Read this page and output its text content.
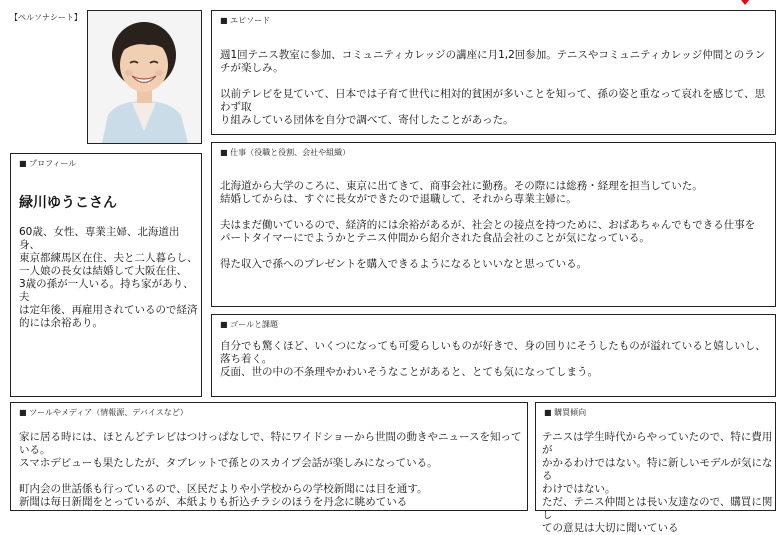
【ペルソナシート】	■ エピソード

週1回テニス教室に参加、コミュニティカレッジの講座に月1,2回参加。テニスやコミュニティカレッジ仲間とのランチが楽しみ。

以前テレビを見ていて、日本では子育て世代に相対的貧困が多いことを知って、孫の姿と重なって哀れを感じて、思わず取
り組みしている団体を自分で調べて、寄付したことがあった。

■ プロフィール
緑川ゆうこさん
60歳、女性、専業主婦、北海道出身、
東京都練馬区在住、夫と二人暮らし、
一人娘の長女は結婚して大阪在住、
3歳の孫が一人いる。持ち家があり、夫
は定年後、再雇用されているので経済
的には余裕あり。
■ 仕事（役職と役割、会社や組織）

北海道から大学のころに、東京に出てきて、商事会社に勤務。その際には総務・経理を担当していた。
結婚してからは、すぐに長女ができたので退職して、それから専業主婦に。

夫はまだ働いているので、経済的には余裕があるが、社会との接点を持つために、おばあちゃんでもできる仕事を
パートタイマーにでようかとテニス仲間から紹介された食品会社のことが気になっている。

得た収入で孫へのプレゼントを購入できるようになるといいなと思っている。

■ ゴールと課題

自分でも驚くほど、いくつになっても可愛らしいものが好きで、身の回りにそうしたものが溢れていると嬉しいし、落ち着く。
反面、世の中の不条理やかわいそうなことがあると、とても気になってしまう。

■ ツールやメディア（情報源、デバイスなど）

家に居る時には、ほとんどテレビはつけっぱなしで、特にワイドショーから世間の動きやニュースを知っている。
スマホデビューも果たしたが、タブレットで孫とのスカイプ会話が楽しみになっている。

町内会の世話係も行っているので、区民だよりや小学校からの学校新聞には目を通す。
新聞は毎日新聞をとっているが、本紙よりも折込チラシのほうを丹念に眺めている

■ 購買傾向

テニスは学生時代からやっていたので、特に費用が
かかるわけではない。特に新しいモデルが気になる
わけではない。
ただ、テニス仲間とは長い友達なので、購買に関し
ての意見は大切に聞いている
